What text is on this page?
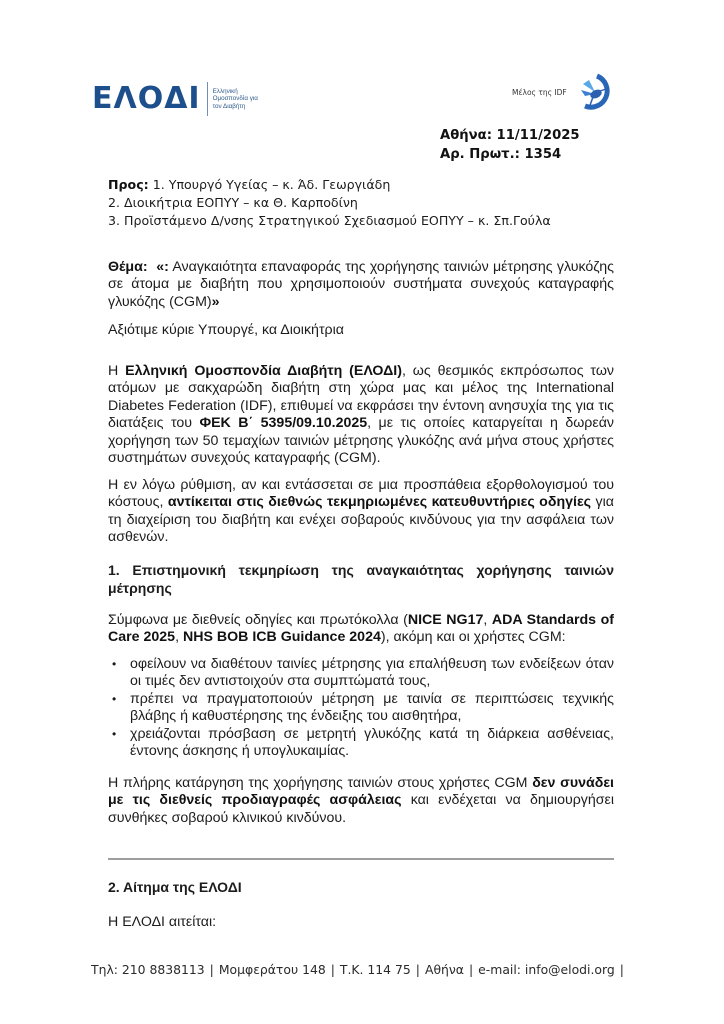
ΕΛΟΔΙ Ελληνική Ομοσπονδία για τον Διαβήτη
Μέλος της IDF
Αθήνα: 11/11/2025
Αρ. Πρωτ.: 1354
Προς: 1. Υπουργό Υγείας – κ. Άδ. Γεωργιάδη
2. Διοικήτρια ΕΟΠΥΥ – κα Θ. Καρποδίνη
3. Προϊστάμενο Δ/νσης Στρατηγικού Σχεδιασμού ΕΟΠΥΥ – κ. Σπ.Γούλα
Θέμα: «: Αναγκαιότητα επαναφοράς της χορήγησης ταινιών μέτρησης γλυκόζης σε άτομα με διαβήτη που χρησιμοποιούν συστήματα συνεχούς καταγραφής γλυκόζης (CGM)»
Αξιότιμε κύριε Υπουργέ, κα Διοικήτρια
Η Ελληνική Ομοσπονδία Διαβήτη (ΕΛΟΔΙ), ως θεσμικός εκπρόσωπος των ατόμων με σακχαρώδη διαβήτη στη χώρα μας και μέλος της International Diabetes Federation (IDF), επιθυμεί να εκφράσει την έντονη ανησυχία της για τις διατάξεις του ΦΕΚ Β΄ 5395/09.10.2025, με τις οποίες καταργείται η δωρεάν χορήγηση των 50 τεμαχίων ταινιών μέτρησης γλυκόζης ανά μήνα στους χρήστες συστημάτων συνεχούς καταγραφής (CGM).
Η εν λόγω ρύθμιση, αν και εντάσσεται σε μια προσπάθεια εξορθολογισμού του κόστους, αντίκειται στις διεθνώς τεκμηριωμένες κατευθυντήριες οδηγίες για τη διαχείριση του διαβήτη και ενέχει σοβαρούς κινδύνους για την ασφάλεια των ασθενών.
1. Επιστημονική τεκμηρίωση της αναγκαιότητας χορήγησης ταινιών μέτρησης
Σύμφωνα με διεθνείς οδηγίες και πρωτόκολλα (NICE NG17, ADA Standards of Care 2025, NHS BOB ICB Guidance 2024), ακόμη και οι χρήστες CGM:
• οφείλουν να διαθέτουν ταινίες μέτρησης για επαλήθευση των ενδείξεων όταν οι τιμές δεν αντιστοιχούν στα συμπτώματά τους,
• πρέπει να πραγματοποιούν μέτρηση με ταινία σε περιπτώσεις τεχνικής βλάβης ή καθυστέρησης της ένδειξης του αισθητήρα,
• χρειάζονται πρόσβαση σε μετρητή γλυκόζης κατά τη διάρκεια ασθένειας, έντονης άσκησης ή υπογλυκαιμίας.
Η πλήρης κατάργηση της χορήγησης ταινιών στους χρήστες CGM δεν συνάδει με τις διεθνείς προδιαγραφές ασφάλειας και ενδέχεται να δημιουργήσει συνθήκες σοβαρού κλινικού κινδύνου.
2. Αίτημα της ΕΛΟΔΙ
Η ΕΛΟΔΙ αιτείται:
Τηλ: 210 8838113 | Μομφεράτου 148 | Τ.Κ. 114 75 | Αθήνα | e-mail: info@elodi.org |
